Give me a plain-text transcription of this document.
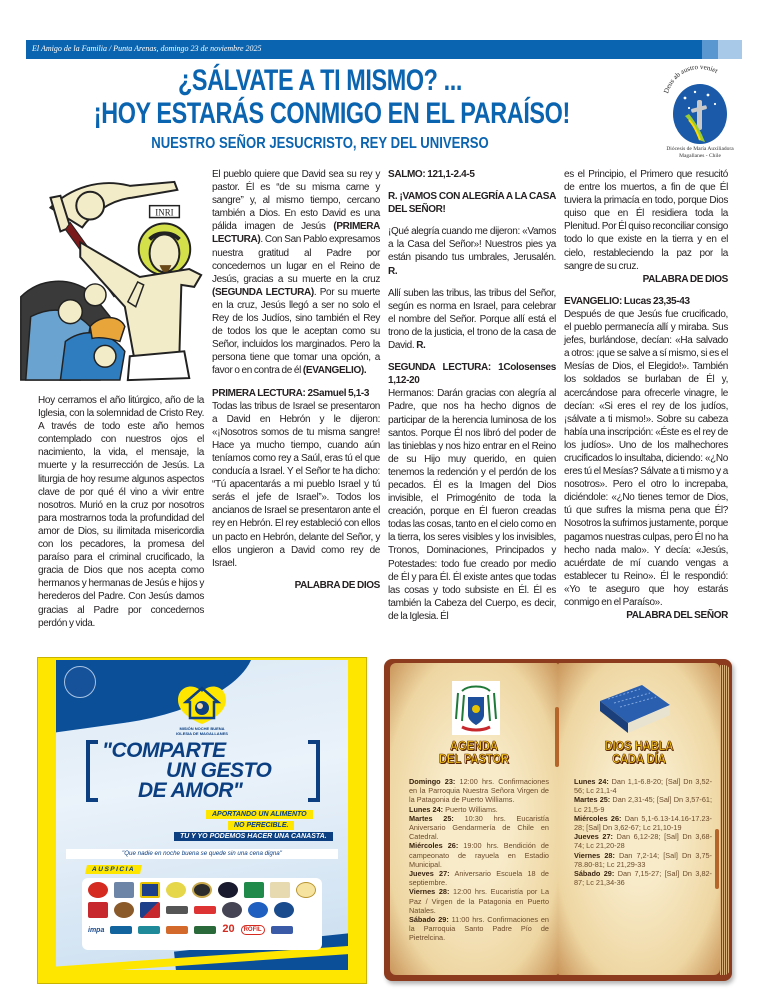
El Amigo de la Familia / Punta Arenas, domingo 23 de noviembre 2025
¿SÁLVATE A TI MISMO? ...
¡HOY ESTARÁS CONMIGO EN EL PARAÍSO!
NUESTRO SEÑOR JESUCRISTO, REY DEL UNIVERSO
Deus ab austro veniet
Diócesis de María Auxiliadora
Magallanes - Chile
INRI

Hoy cerramos el año litúrgico, año de la Iglesia, con la solemnidad de Cristo Rey. A través de todo este año hemos contemplado con nuestros ojos el nacimiento, la vida, el mensaje, la muerte y la resurrección de Jesús. La liturgia de hoy resume algunos aspectos clave de por qué él vino a vivir entre nosotros. Murió en la cruz por nosotros para mostrarnos toda la profundidad del amor de Dios, su ilimitada misericordia con los pecadores, la promesa del paraíso para el criminal crucificado, la gracia de Dios que nos acepta como hermanos y hermanas de Jesús e hijos y herederos del Padre. Con Jesús damos gracias al Padre por concedernos perdón y vida.

El pueblo quiere que David sea su rey y pastor. Él es “de su misma carne y sangre” y, al mismo tiempo, cercano también a Dios. En esto David es una pálida imagen de Jesús (PRIMERA LECTURA). Con San Pablo expresamos nuestra gratitud al Padre por concedernos un lugar en el Reino de Jesús, gracias a su muerte en la cruz (SEGUNDA LECTURA). Por su muerte en la cruz, Jesús llegó a ser no solo el Rey de los Judíos, sino también el Rey de todos los que le aceptan como su Señor, incluidos los marginados. Pero la persona tiene que tomar una opción, a favor o en contra de él (EVANGELIO).

PRIMERA LECTURA: 2Samuel 5,1-3

Todas las tribus de Israel se presentaron a David en Hebrón y le dijeron: «¡Nosotros somos de tu misma sangre! Hace ya mucho tiempo, cuando aún teníamos como rey a Saúl, eras tú el que conducía a Israel. Y el Señor te ha dicho: “Tú apacentarás a mi pueblo Israel y tú serás el jefe de Israel”». Todos los ancianos de Israel se presentaron ante el rey en Hebrón. El rey estableció con ellos un pacto en Hebrón, delante del Señor, y ellos ungieron a David como rey de Israel.

PALABRA DE DIOS

SALMO: 121,1-2.4-5

R. ¡VAMOS CON ALEGRÍA A LA CASA DEL SEÑOR!

¡Qué alegría cuando me dijeron: «Vamos a la Casa del Señor»! Nuestros pies ya están pisando tus umbrales, Jerusalén. R.

Allí suben las tribus, las tribus del Señor, según es norma en Israel, para celebrar el nombre del Señor. Porque allí está el trono de la justicia, el trono de la casa de David. R.

SEGUNDA LECTURA: 1Colosenses 1,12-20

Hermanos: Darán gracias con alegría al Padre, que nos ha hecho dignos de participar de la herencia luminosa de los santos. Porque Él nos libró del poder de las tinieblas y nos hizo entrar en el Reino de su Hijo muy querido, en quien tenemos la redención y el perdón de los pecados. Él es la Imagen del Dios invisible, el Primogénito de toda la creación, porque en Él fueron creadas todas las cosas, tanto en el cielo como en la tierra, los seres visibles y los invisibles, Tronos, Dominaciones, Principados y Potestades: todo fue creado por medio de Él y para Él. Él existe antes que todas las cosas y todo subsiste en Él. Él es también la Cabeza del Cuerpo, es decir, de la Iglesia. Él

es el Principio, el Primero que resucitó de entre los muertos, a fin de que Él tuviera la primacía en todo, porque Dios quiso que en Él residiera toda la Plenitud. Por Él quiso reconciliar consigo todo lo que existe en la tierra y en el cielo, restableciendo la paz por la sangre de su cruz.

PALABRA DE DIOS

EVANGELIO: Lucas 23,35-43

Después de que Jesús fue crucificado, el pueblo permanecía allí y miraba. Sus jefes, burlándose, decían: «Ha salvado a otros: ¡que se salve a sí mismo, si es el Mesías de Dios, el Elegido!». También los soldados se burlaban de Él y, acercándose para ofrecerle vinagre, le decían: «Si eres el rey de los judíos, ¡sálvate a ti mismo!». Sobre su cabeza había una inscripción: «Éste es el rey de los judíos». Uno de los malhechores crucificados lo insultaba, diciendo: «¿No eres tú el Mesías? Sálvate a ti mismo y a nosotros». Pero el otro lo increpaba, diciéndole: «¿No tienes temor de Dios, tú que sufres la misma pena que Él? Nosotros la sufrimos justamente, porque pagamos nuestras culpas, pero Él no ha hecho nada malo». Y decía: «Jesús, acuérdate de mí cuando vengas a establecer tu Reino». Él le respondió: «Yo te aseguro que hoy estarás conmigo en el Paraíso».

PALABRA DEL SEÑOR

MISIÓN NOCHE BUENA
IGLESIA DE MAGALLANES
"COMPARTE
UN GESTO
DE AMOR"
APORTANDO UN ALIMENTO
NO PERECIBLE.
TU Y YO PODEMOS HACER UNA CANASTA.
"Que nadie en noche buena se quede sin una cena digna"
AUSPICIA
impa	20	ROFIL
AGENDA
DEL PASTOR
DIOS HABLA
CADA DÍA

Domingo 23: 12:00 hrs. Confirmaciones en la Parroquia Nuestra Señora Virgen de la Patagonia de Puerto Williams.

Lunes 24: Puerto Williams.

Martes 25: 10:30 hrs. Eucaristía Aniversario Gendarmería de Chile en Catedral.

Miércoles 26: 19:00 hrs. Bendición de campeonato de rayuela en Estadio Municipal.

Jueves 27: Aniversario Escuela 18 de septiembre.

Viernes 28: 12:00 hrs. Eucaristía por La Paz / Virgen de la Patagonia en Puerto Natales.

Sábado 29: 11:00 hrs. Confirmaciones en la Parroquia Santo Padre Pío de Pietrelcina.

Lunes 24: Dan 1,1-6.8-20; [Sal] Dn 3,52-56; Lc 21,1-4

Martes 25: Dan 2,31-45; [Sal] Dn 3,57-61; Lc 21,5-9

Miércoles 26: Dan 5,1-6.13-14.16-17.23-28; [Sal] Dn 3,62-67; Lc 21,10-19

Jueves 27: Dan 6,12-28; [Sal] Dn 3,68-74; Lc 21,20-28

Viernes 28: Dan 7,2-14; [Sal] Dn 3,75-78.80-81; Lc 21,29-33

Sábado 29: Dan 7,15-27; [Sal] Dn 3,82-87; Lc 21,34-36
